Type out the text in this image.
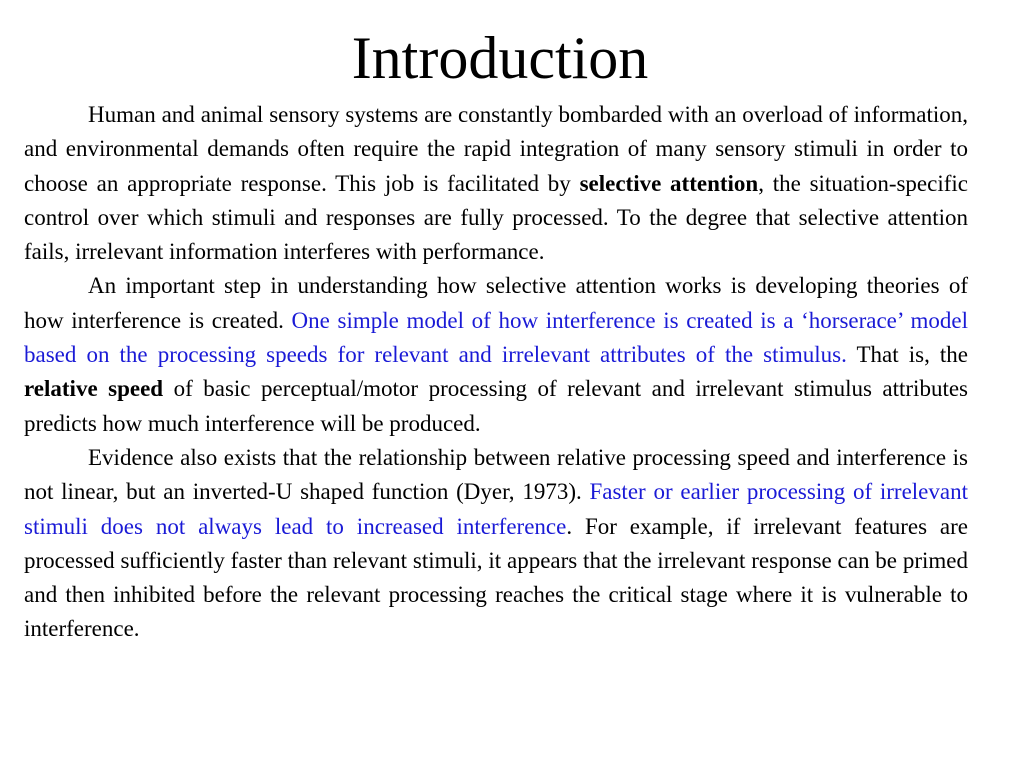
Introduction

Human and animal sensory systems are constantly bombarded with an overload of information, and environmental demands often require the rapid integration of many sensory stimuli in order to choose an appropriate response. This job is facilitated by selective attention, the situation-specific control over which stimuli and responses are fully processed. To the degree that selective attention fails, irrelevant information interferes with performance.

An important step in understanding how selective attention works is developing theories of how interference is created. One simple model of how interference is created is a ‘horserace’ model based on the processing speeds for relevant and irrelevant attributes of the stimulus. That is, the relative speed of basic perceptual/motor processing of relevant and irrelevant stimulus attributes predicts how much interference will be produced.

Evidence also exists that the relationship between relative processing speed and interference is not linear, but an inverted-U shaped function (Dyer, 1973). Faster or earlier processing of irrelevant stimuli does not always lead to increased interference. For example, if irrelevant features are processed sufficiently faster than relevant stimuli, it appears that the irrelevant response can be primed and then inhibited before the relevant processing reaches the critical stage where it is vulnerable to interference.
